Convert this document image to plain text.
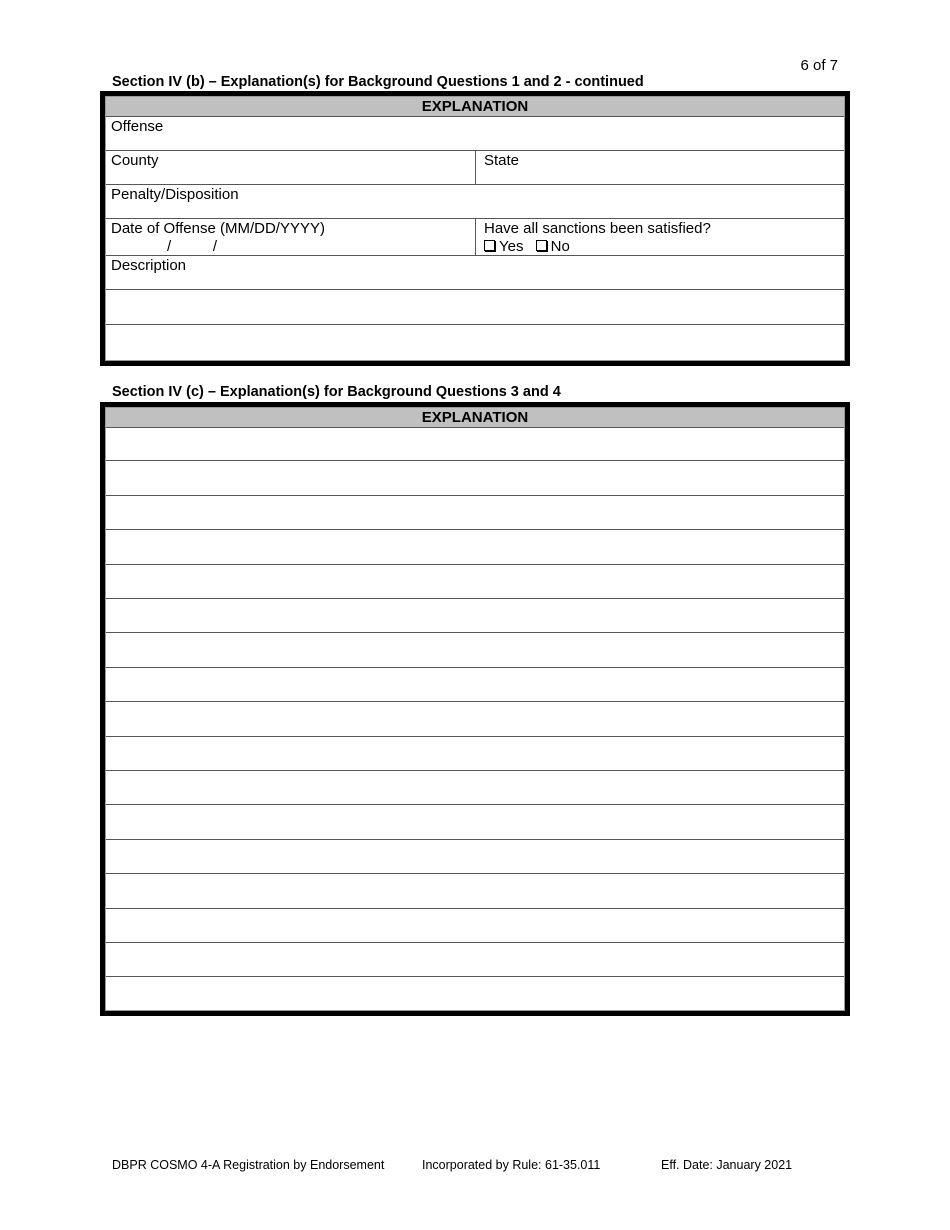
6 of 7
Section IV (b) – Explanation(s) for Background Questions 1 and 2 - continued
EXPLANATION
Offense
County	State
Penalty/Disposition
Date of Offense (MM/DD/YYYY)
/          /
Have all sanctions been satisfied?
Yes No
Description
Section IV (c) – Explanation(s) for Background Questions 3 and 4
EXPLANATION
DBPR COSMO 4-A Registration by Endorsement	Incorporated by Rule: 61-35.011	Eff. Date: January 2021
